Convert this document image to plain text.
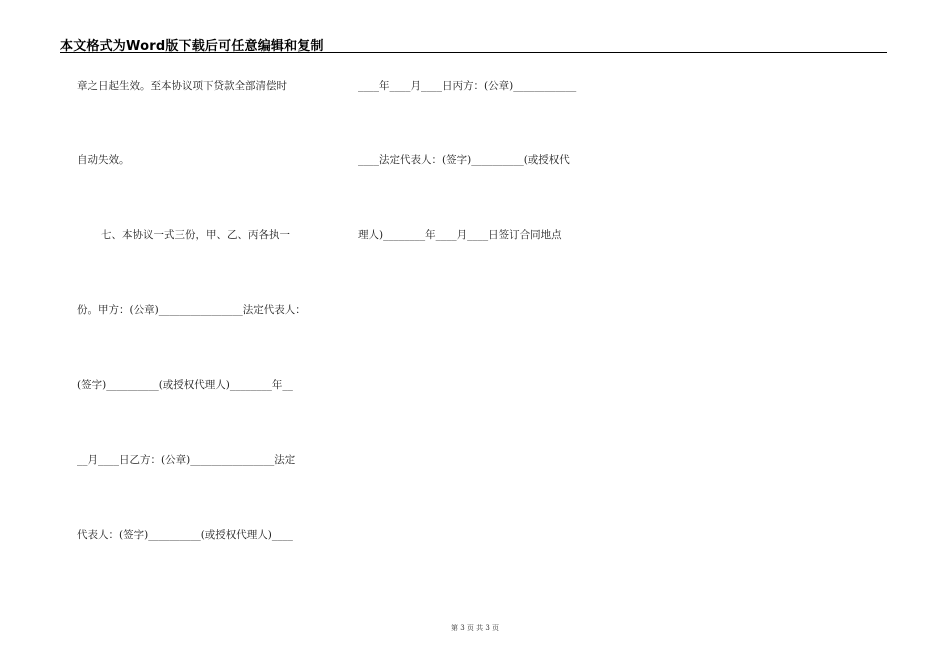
本文格式为Word版下载后可任意编辑和复制
章之日起生效。至本协议项下贷款全部清偿时
自动失效。
七、本协议一式三份，甲、乙、丙各执一
份。甲方：(公章)________________法定代表人：
(签字)__________(或授权代理人)________年__
__月____日乙方：(公章)________________法定
代表人：(签字)__________(或授权代理人)____
____年____月____日丙方：(公章)____________
____法定代表人：(签字)__________(或授权代
理人)________年____月____日签订合同地点
第 3 页 共 3 页
